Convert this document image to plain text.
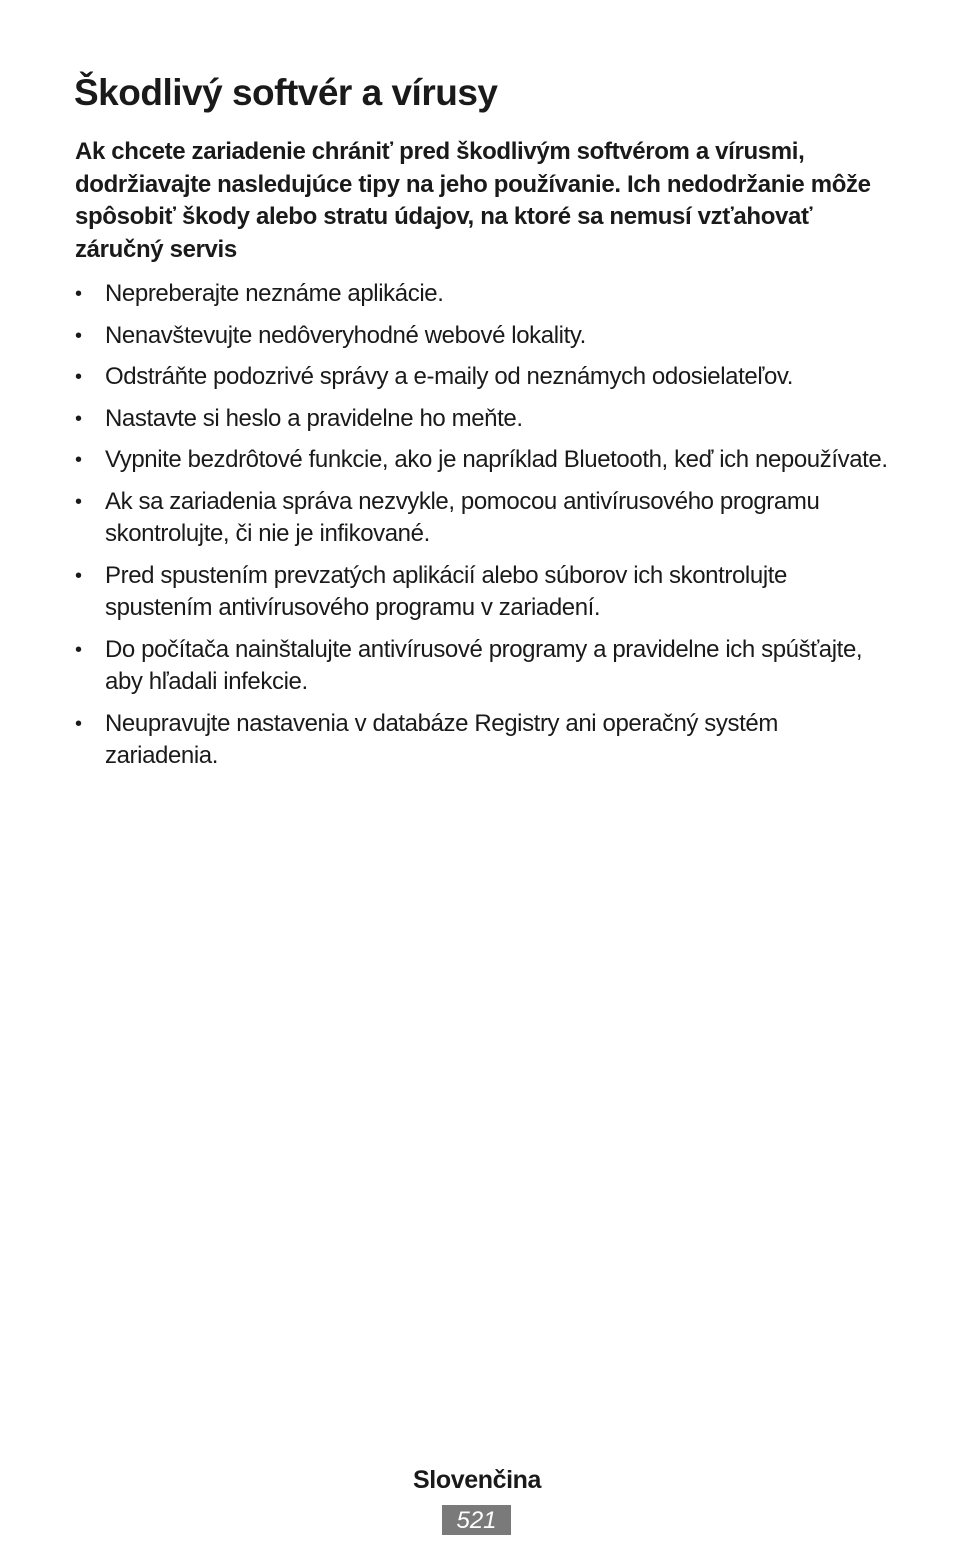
Škodlivý softvér a vírusy

Ak chcete zariadenie chrániť pred škodlivým softvérom a vírusmi, dodržiavajte nasledujúce tipy na jeho používanie. Ich nedodržanie môže spôsobiť škody alebo stratu údajov, na ktoré sa nemusí vzťahovať záručný servis

• Nepreberajte neznáme aplikácie.
• Nenavštevujte nedôveryhodné webové lokality.
• Odstráňte podozrivé správy a e-maily od neznámych odosielateľov.
• Nastavte si heslo a pravidelne ho meňte.
• Vypnite bezdrôtové funkcie, ako je napríklad Bluetooth, keď ich nepoužívate.
• Ak sa zariadenia správa nezvykle, pomocou antivírusového programu skontrolujte, či nie je infikované.
• Pred spustením prevzatých aplikácií alebo súborov ich skontrolujte spustením antivírusového programu v zariadení.
• Do počítača nainštalujte antivírusové programy a pravidelne ich spúšťajte, aby hľadali infekcie.
• Neupravujte nastavenia v databáze Registry ani operačný systém zariadenia.
Slovenčina
521
